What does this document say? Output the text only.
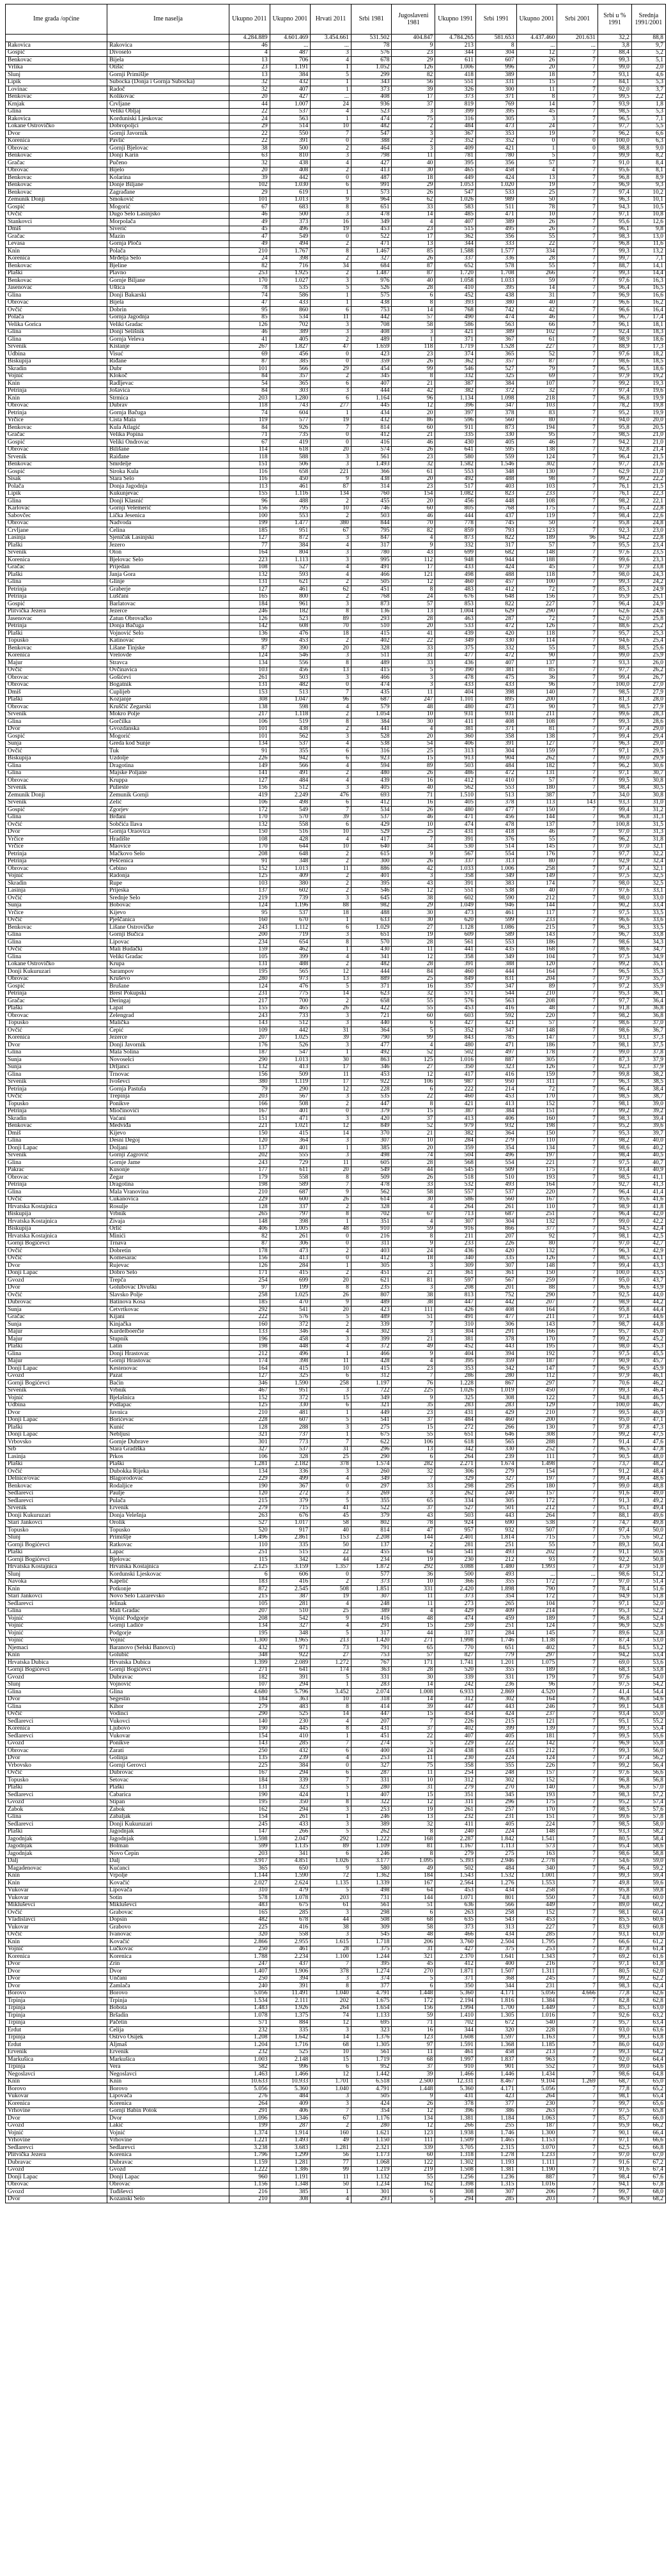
Ime grada /općine	Ime naselja	Ukupno 2011	Ukupno 2001	Hrvati 2011	Srbi 1981	Jugoslaveni 1981	Ukupno 1991	Srbi 1991	Ukupno 2001	Srbi 2001	Srbi u % 1991	Srednja 1991/2001
		4.284.889	4.601.469	3.454.661	531.502	404.847	4.784.265	581.653	4.437.460	201.631	32,2	88,8
Rakovica	Rakovica	46	...	...	78	9	213	8	...	...	3,8	9,7
Gospić	Divoselo	4	487	3	576	23	344	304	12	7	88,4	5,2
Benkovac	Bijela	13	706	4	678	29	611	607	26	7	99,3	5,1
Vrlika	Otišić	23	1.191	1	1.052	126	1.006	996	20	7	99,0	2,0
Slunj	Gornji Primišlje	13	384	5	299	82	418	389	18	7	93,1	4,6
Lipik	Subocka (Donja i Gornja Subocka)	32	432	1	343	56	551	331	15	7	84,1	5,3
Lovinac	Radoč	32	407	1	373	39	326	300	11	7	92,0	3,7
Benkovac	Kolikovac	20	427	...	408	17	373	371	8	7	99,5	2,2
Krnjak	Crvljane	44	1.007	24	936	37	819	769	14	7	93,9	1,8
Glina	Veliki Obljaj	22	537	4	523	3	399	395	45	7	98,5	5,3
Rakovica	Korduniski Ljeskovac	24	563	1	474	75	316	305	3	7	96,5	7,1
Lokane Ostrovičko	Dobropoljci	29	514	10	482	2	484	473	24	7	97,7	5,5
Dvor	Gornji Javornik	22	550	7	547	3	367	353	19	7	96,2	6,6
Korenica	Pavlić	22	391	0	388	2	352	352	0	0	100,0	6,3
Obrovac	Gornji Bjelovac	38	500	2	464	3	409	421	1	0	98,8	9,0
Benkovac	Donji Karin	63	810	3	798	11	781	780	5	7	99,9	8,2
Gračac	Pučeno	32	438	4	427	40	395	356	57	7	91,0	8,4
Obrovac	Bijelo	20	408	2	413	30	465	458	4	7	95,6	8,1
Benkovac	Kolarina	39	442	0	487	18	449	424	13	7	96,8	8,9
Benkovac	Donje Biljane	102	1.030	6	991	29	1.053	1.020	19	7	96,9	9,3
Benkovac	Zagrađane	29	619	1	573	26	547	533	25	7	97,4	10,2
Zemunik Donji	Smoković	101	1.013	9	964	62	1.026	989	50	7	96,3	10,1
Gospić	Mogorić	67	683	8	651	33	583	511	78	7	94,3	10,5
Ovčić	Dugo Selo Lasinjsko	46	500	3	478	14	485	471	10	7	97,1	10,8
Stankovci	Morpolača	49	373	16	349	4	407	389	26	7	95,6	12,6
Dmiš	Siverić	45	496	19	453	23	515	495	26	7	96,1	9,8
Gračac	Mazin	47	549	0	522	17	362	356	55	7	98,3	13,0
Levasa	Gornja Pločа	49	494	2	471	13	344	333	22	7	96,8	11,6
Knin	Polača	210	1.767	8	1.467	85	1.588	1.577	334	7	99,3	13,2
Korenica	Mrđelja Selo	24	398	2	327	26	337	336	28	7	99,7	7,1
Benkovac	Bjeline	82	716	34	684	87	652	578	55	7	88,7	14,1
Plaški	Plavno	253	1.925	2	1.487	87	1.720	1.708	266	7	99,3	14,4
Benkovac	Gornje Biljane	170	1.027	3	976	40	1.058	1.033	59	7	97,6	16,3
Jasenovac	Uštica	78	535	5	526	28	410	395	14	7	96,4	16,5
Glina	Donji Bakarski	74	586	1	575	6	452	438	31	7	96,9	16,6
Obrovac	Bijela	47	433	1	438	8	393	380	40	7	96,6	16,2
Ovčić	Dobrin	95	860	6	753	14	768	742	42	7	96,6	16,4
Polača	Gornja Jagodnja	85	534	11	442	57	490	474	46	7	96,7	17,4
Velika Gorica	Veliki Gradac	126	702	3	708	58	586	563	66	7	96,1	18,1
Glina	Donji Selišnik	46	389	3	408	3	421	389	102	7	92,4	18,3
Glina	Gornja Veleva	41	405	2	489	1	371	367	61	7	98,9	18,6
Srvenik	Kistanje	267	1.827	47	1.659	118	1.719	1.528	227	7	88,9	17,3
Udbina	Visuć	69	456	0	423	23	374	365	52	7	97,6	18,2
Biskupija	Riđane	87	385	0	359	26	362	357	87	7	98,6	18,5
Skradin	Dubr	101	566	29	454	99	546	527	79	7	96,5	18,6
Vojnić	Klokoč	84	357	2	345	8	332	325	69	7	97,9	19,2
Knin	Radljevac	54	365	6	407	21	387	384	107	7	99,2	19,3
Petrinja	Jošavica	84	303	3	444	42	382	372	32	7	97,4	19,6
Knin	Strmica	203	1.280	6	1.164	96	1.134	1.098	218	7	96,8	19,9
Obrovac	Dubrav	118	743	277	445	12	396	347	103	7	78,2	19,8
Petrinja	Gornja Bačuga	74	604	1	434	20	397	378	83	7	95,2	19,9
Vrčice	Čista Mala	119	577	19	432	86	596	560	80	7	94,0	20,0
Benkovac	Kula Atlagić	84	926	7	814	60	911	873	194	7	95,8	20,5
Gračac	Velika Popina	71	735	0	412	21	335	330	95	7	98,5	21,0
Gospić	Veliki Ondrovac	67	419	0	416	46	430	405	46	7	94,2	21,0
Obrovac	Bilišane	114	618	20	574	26	641	595	138	7	92,8	21,4
Srvenik	Raiđane	118	588	3	561	23	580	559	124	7	96,4	21,5
Benkovac	Smrdelje	151	506	3	1.493	32	1.582	1.546	302	7	97,7	21,6
Gospić	Široka Kula	116	658	221	366	61	553	348	130	7	62,9	21,0
Sisak	Stara Selo	116	450	9	438	20	492	488	98	7	99,2	22,2
Polača	Donja Jagodnja	113	461	87	314	23	517	403	103	7	76,1	21,5
Lipik	Kukunjevac	155	1.116	134	760	154	1.082	823	233	7	76,1	22,3
Glina	Donji Klasnić	96	488	2	455	20	456	448	108	7	98,2	22,1
Karlovac	Gornji Velemerić	156	795	10	746	60	805	768	175	7	95,4	22,8
Sabovčec	Lička Jesenica	100	553	2	503	46	444	437	119	7	98,4	22,6
Obrovac	Nadvoda	199	1.477	380	844	70	778	745	50	7	95,8	24,8
Crvljane	Čelina	185	951	67	795	82	859	793	123	7	92,3	23,0
Lasinja	Sjeničak Lasinjski	127	872	3	847	4	873	822	189	96	94,2	22,8
Plaški	Jezero	77	384	4	317	9	332	317	57	7	95,5	23,4
Srvenik	Oton	164	804	3	780	43	699	682	148	7	97,6	23,5
Korenica	Bjelovac Selo	223	1.113	3	995	112	948	944	188	7	99,6	23,3
Gračac	Prijedan	108	527	4	491	17	433	424	45	7	97,9	23,8
Plaški	Janja Gora	132	593	4	466	121	498	488	118	7	98,0	24,3
Glina	Glinje	131	621	2	505	12	460	457	100	7	99,3	24,2
Petrinja	Graberje	127	461	62	451	8	483	412	72	7	85,3	24,9
Petrinja	Luščani	165	800	2	768	24	676	648	156	7	95,9	25,1
Gospić	Barlatovac	184	961	3	873	57	853	822	227	7	96,4	24,9
Plitvička Jezera	Jezerce	246	182	8	136	13	1.004	629	290	7	62,6	24,6
Jasenovac	Zatun Obrovačko	126	523	89	293	28	463	287	72	7	62,0	25,8
Petrinja	Donja Bačuga	142	608	70	510	20	533	472	126	7	88,6	25,2
Plaški	Vojnović Selo	136	476	18	415	41	439	420	118	7	95,7	25,3
Topusko	Katinovac	99	453	2	402	22	349	330	114	7	94,6	25,4
Benkovac	Lišane Tinjske	87	390	20	328	33	375	332	55	7	88,5	25,6
Korenica	Vrelovde	124	546	3	511	31	477	472	90	7	99,0	25,9
Majur	Stravca	134	556	8	489	33	436	407	137	7	93,3	26,0
Ovčić	Ovčinavica	103	456	13	415	5	390	381	85	7	97,7	26,2
Obrovac	Gošićevi	261	503	3	466	3	478	475	36	7	99,4	26,7
Obrovac	Bogatnik	131	482	0	474	3	433	433	96	7	100,0	27,0
Dmiš	Cuplijeb	153	513	7	435	11	404	398	140	7	98,5	27,9
Plaški	Kozjanje	308	1.047	96	687	247	1.101	895	200	7	81,3	28,0
Obrovac	Kruščić Žegarski	138	598	4	579	48	480	473	90	7	98,5	27,9
Srvenik	Mokro Polje	217	1.118	2	1.054	10	931	931	211	7	99,6	28,3
Glina	Gorčilka	106	519	8	384	30	411	408	108	7	99,3	28,6
Dvor	Gvozdanska	101	438	2	441	4	381	371	81	7	97,4	29,0
Gospić	Mogorić	101	562	3	528	20	360	358	138	7	99,4	29,4
Sunja	Greda kod Sunje	134	537	4	538	54	406	391	127	7	96,3	29,0
Ovčić	Tuk	91	355	6	316	25	313	304	159	7	97,1	29,5
Biskupija	Uzdolje	226	942	6	923	15	913	904	262	7	99,0	29,9
Glina	Dragotina	149	566	4	594	89	503	484	182	7	96,2	30,6
Glina	Majske Poljane	141	491	2	480	26	486	472	131	7	97,1	30,7
Obrovac	Kruppa	127	484	4	439	16	412	410	57	7	99,5	30,8
Srvenik	Pulieste	156	512	3	405	40	562	553	180	7	98,4	30,5
Zemunik Donji	Zemunik Gornji	419	2.249	476	693	71	1.510	513	387	7	34,0	30,8
Srvenik	Zelić	106	498	6	412	16	405	378	113	143	93,3	31,0
Gospić	Zgorjev	172	549	7	534	26	480	477	150	7	99,4	31,2
Glina	Brđani	170	570	39	537	46	471	456	144	7	96,8	31,3
Ovčić	Sobčića Ilava	132	558	6	429	10	474	478	137	7	100,8	31,5
Dvor	Gornja Oraovica	150	516	10	529	25	431	418	46	7	97,0	31,3
Vrčice	Hradište	108	428	4	417	7	391	376	55	7	96,2	31,8
Vrčice	Maovice	170	644	10	640	34	530	514	145	7	97,0	32,1
Petrinja	Mačkovo Selo	208	648	2	615	9	567	554	176	7	97,7	32,2
Petrinja	Pešćenica	91	348	2	300	26	337	313	80	7	92,9	32,4
Obrovac	Čebino	152	1.013	11	886	42	1.033	1.006	258	7	97,4	32,1
Vojnić	Radonja	125	409	2	401	3	358	349	149	7	97,5	32,5
Skradin	Rupe	103	380	2	395	43	391	383	174	7	98,0	32,5
Lasinja	Prijeska	137	602	2	546	12	551	538	40	7	97,6	33,1
Ovčić	Srednje Selo	219	739	3	645	38	602	590	212	7	98,0	33,0
Sunja	Bobovac	124	1.196	88	982	29	1.049	946	144	7	90,2	33,4
Vrčice	Kijevo	95	537	18	488	30	473	461	117	7	97,5	33,5
Ovčić	Pješčanica	160	670	1	633	30	620	599	233	7	96,6	33,6
Benkovac	Lišane Ostrovičke	243	1.112	6	1.029	27	1.128	1.086	215	7	96,3	33,5
Glina	Gornji Bučica	200	719	3	651	19	609	589	143	7	96,7	33,8
Glina	Lipovac	234	654	8	570	28	561	553	186	7	98,6	34,3
Ovčić	Mali Budački	159	462	1	430	11	441	435	168	7	98,6	34,7
Glina	Veliki Gradac	105	399	4	341	12	358	349	104	7	97,5	34,9
Lokane Ostrovičko	Krupa	131	488	2	482	28	391	388	120	7	99,2	35,1
Donji Kukuruzari	Šarampov	195	565	12	444	84	460	444	164	7	96,5	35,3
Obrovac	Kruševo	280	973	13	889	25	849	831	204	7	97,9	35,7
Gospić	Brušane	124	476	5	371	16	357	347	89	7	97,2	35,9
Petrinja	Brest Pokupski	231	775	14	623	32	571	544	210	7	95,3	36,1
Gračac	Deringaj	217	700	2	658	55	576	563	208	7	97,7	36,4
Plaški	Lapat	155	465	26	422	55	453	416	48	7	91,8	36,8
Obrovac	Zelengrad	243	733	3	721	60	603	592	220	7	98,2	36,8
Topusko	Malička	143	512	3	440	6	427	421	57	7	98,6	37,0
Ovčić	Čepić	109	442	31	364	5	352	347	148	7	98,6	36,7
Korenica	Jezerce	207	1.025	39	790	99	843	785	147	7	93,1	37,3
Dvor	Donji Javornik	176	526	3	477	4	480	471	186	7	98,1	37,5
Glina	Mala Solina	187	547	1	492	52	502	497	178	7	99,0	37,8
Sunja	Novoselci	290	1.013	30	863	125	1.016	887	305	7	87,3	37,9
Sunja	Drljanci	132	413	17	346	27	350	323	126	7	92,3	37,9
Glina	Trnovac	156	509	11	453	12	417	416	159	7	99,8	38,2
Srvenik	Ivoševci	380	1.119	17	922	106	987	950	311	7	96,3	38,5
Petrinja	Gornja Pastuša	79	290	12	228	6	222	214	72	7	96,4	38,4
Ovčić	Trepinja	203	567	3	535	22	460	453	170	7	98,5	38,7
Topusko	Ponikve	166	508	2	447	8	421	413	152	7	98,1	39,0
Petrinja	Miočinovići	167	401	0	379	15	387	384	151	7	99,2	39,2
Skradin	Vaćani	151	471	3	420	37	413	406	160	7	98,3	39,4
Benkovac	Medviđa	221	1.021	12	849	52	979	932	198	7	95,2	39,6
Dmiš	Kijevo	150	415	14	370	21	382	364	150	7	95,3	39,7
Glina	Desni Degoj	120	364	3	307	10	284	279	110	7	98,2	40,0
Donji Lapac	Doljani	137	401	1	385	20	359	354	134	7	98,6	40,2
Srvenik	Gornji Žagrović	202	555	3	498	74	504	496	197	7	98,4	40,5
Glina	Gornje Jame	243	729	11	605	28	568	554	221	7	97,5	40,7
Pakrac	Kusonje	177	611	20	549	44	545	509	175	7	93,4	40,9
Obrovac	Žegar	179	558	8	509	26	518	510	193	7	98,5	41,1
Petrinja	Dragotina	198	589	7	478	33	532	493	164	7	92,7	41,3
Glina	Mala Vranovina	210	687	9	562	58	557	537	220	7	96,4	41,4
Ovčić	Ćukanovica	229	600	26	614	30	586	560	167	7	95,6	41,6
Hrvatska Kostajnica	Rosulje	128	337	2	328	4	264	261	110	7	98,9	41,8
Biskupija	Vrbnik	265	797	8	702	67	713	687	251	7	96,4	42,0
Hrvatska Kostajnica	Živaja	148	398	1	351	4	307	304	132	7	99,0	42,2
Biskupija	Orlić	406	1.005	48	910	59	916	866	377	7	94,5	42,4
Hrvatska Kostajnica	Minići	82	261	0	216	8	211	207	92	7	98,1	42,5
Gornji Bogićevci	Trnava	87	306	0	311	9	233	226	80	7	97,0	42,7
Ovčić	Dobretin	178	473	2	403	24	436	420	132	7	96,3	42,9
Ovčić	Komesarac	156	413	0	412	18	340	335	126	7	98,5	43,1
Dvor	Rujevac	126	284	1	305	3	309	307	148	7	99,4	43,3
Donji Lapac	Dobro Selo	171	415	2	451	21	361	361	150	7	100,0	43,5
Gvozd	Trepča	254	699	20	621	81	597	567	259	7	95,0	43,7
Dvor	Golubovac Divuški	97	199	8	235	3	208	201	88	7	96,6	43,9
Ovčić	Slavsko Polje	258	1.025	26	807	38	813	752	290	7	92,5	44,0
Dubrovac	Batinova Kosa	185	470	9	489	38	447	442	207	7	98,9	44,2
Sunja	Četvrtkovac	292	541	20	423	111	426	408	164	7	95,8	44,4
Gračac	Kijani	222	576	5	489	51	491	477	211	7	97,1	44,6
Sunja	Kinjačka	160	372	2	339	7	310	306	143	7	98,7	44,8
Majur	Kurdelboerčie	133	346	4	302	3	304	291	166	7	95,7	45,0
Majur	Stupnik	196	458	3	399	21	381	378	170	7	99,2	45,2
Plaški	Latin	198	448	4	372	49	452	443	195	7	98,0	45,3
Glina	Donji Hrastovac	212	496	1	466	9	404	394	192	7	97,5	45,5
Majur	Gornji Hrastovac	174	398	11	428	4	395	359	187	7	90,9	45,7
Donji Lapac	Kestenovac	164	415	10	415	23	353	342	147	7	96,9	45,9
Gvozd	Pazat	127	325	6	312	7	286	280	112	7	97,9	46,1
Gornji Bogićevci	Baćin	346	1.590	258	1.197	76	1.228	867	297	7	70,6	46,2
Srvenik	Vrbnik	467	951	3	722	225	1.026	1.019	450	7	99,3	46,4
Vojnić	Bjelašnica	152	372	15	349	9	325	308	122	7	94,8	46,5
Udbina	Podlapac	125	330	6	321	35	283	283	129	7	100,0	46,7
Dvor	Javnica	210	481	1	449	23	431	429	210	7	99,5	46,9
Donji Lapac	Borićevac	228	607	5	541	37	484	460	200	7	95,0	47,1
Plaški	Kunić	128	288	3	275	15	272	266	130	7	97,8	47,3
Donji Lapac	Nebljusi	321	737	1	675	55	651	646	308	7	99,2	47,5
Vrbovsko	Gornje Dubrave	301	773	7	622	106	618	565	288	7	91,4	47,6
Srb	Stara Gradiška	327	537	31	296	13	342	330	252	7	96,5	47,8
Lasinja	Prkos	106	328	25	290	6	264	239	111	7	90,5	48,0
Plaški	Plaški	1.281	2.182	378	1.574	282	2.271	1.674	1.498	7	73,7	48,2
Ovčić	Dubokka Rijeka	134	336	3	260	32	306	279	154	7	91,2	48,4
Delnice/ovac	Blagorodovac	229	499	4	349	7	329	327	197	7	99,4	48,6
Benkovac	Rodaljice	190	367	0	297	33	298	295	180	7	99,0	48,8
Sedlarevci	Paulje	120	272	3	269	3	262	240	157	7	91,6	49,0
Sedlarevci	Pulača	215	379	5	355	65	334	305	172	7	91,3	49,2
Srvenik	Ervenik	279	715	41	522	37	527	501	212	7	95,1	49,4
Donji Kukuruzari	Donja Velešnja	263	676	45	379	43	503	443	264	7	88,1	49,6
Stari Jankovci	Orolik	527	1.017	58	802	78	924	690	538	7	74,7	49,8
Topusko	Topusko	520	917	40	814	47	957	932	507	7	97,4	50,0
Slunj	Primišlje	1.496	2.861	153	2.208	144	2.401	1.814	715	7	75,6	50,2
Gornji Bogićevci	Ratkovac	110	335	50	137	2	281	251	55	7	89,3	50,4
Plaški	Lapac	251	515	22	455	64	541	493	202	7	91,1	50,6
Gornji Bogićevci	Bjelovac	115	342	44	234	19	230	212	93	7	92,2	50,8
Hrvatska Kostajnica	Hrvatska Kostajnica	2.125	3.159	1.357	1.872	292	3.088	1.480	1.993	7	47,9	51,0
Slunj	Kordunski Ljeskovac	6	606	0	577	36	500	493	...	...	98,6	51,2
Navoka	Kapelić	183	416	2	373	10	366	355	172	7	97,0	51,4
Knin	Potkonje	872	2.545	508	1.851	331	2.420	1.898	790	7	78,4	51,6
Stari Jankovci	Novo Selo Lazarevsko	215	387	19	307	11	373	354	172	7	94,9	51,8
Sedlarevci	Jelinak	105	281	4	248	11	273	265	104	7	97,1	52,0
Glina	Mali Gradac	207	510	25	389	4	429	409	214	7	95,3	52,2
Vojnić	Vojnić Podgorje	208	542	9	416	48	474	459	189	7	96,8	52,4
Vojnić	Gornji Ladiće	134	327	4	291	15	259	251	124	7	96,9	52,6
Vojnić	Podgorje	195	348	5	317	44	317	284	145	7	89,6	52,8
Vojnić	Vojnić	1.300	1.965	213	1.420	271	1.998	1.746	1.138	7	87,4	53,0
Njemaci	Baranovo (Selski Banovci)	432	971	73	791	65	770	651	402	7	84,5	53,2
Knin	Golubić	348	922	27	753	57	827	779	297	7	94,2	53,4
Hrvatska Dubica	Hrvatska Dubica	1.399	2.089	1.272	767	171	1.741	1.201	1.075	7	69,0	53,6
Gornji Bogićevci	Gornji Bogićevci	271	641	174	363	28	520	355	189	7	68,3	53,8
Gvozd	Dubravac	182	391	5	331	30	339	331	179	7	97,6	54,0
Slunj	Vojnović	107	294	1	283	14	242	236	96	7	97,5	54,2
Glina	Glina	4.680	5.796	3.452	2.074	1.008	6.933	2.869	4.520	7	41,4	54,4
Dvor	Šegestin	184	363	10	318	14	312	302	164	7	96,8	54,6
Glina	Kihor	279	483	8	414	39	447	443	246	7	99,1	54,8
Ovčić	Vodinci	290	525	14	447	15	454	424	237	7	93,4	55,0
Sedlarevci	Vukovci	140	230	4	207	7	226	215	121	7	95,1	55,2
Korenica	Ljubovo	190	445	8	431	37	402	399	139	7	99,3	55,4
Sedlarevci	Vukovar	154	410	1	451	22	407	405	181	7	99,5	55,6
Gvozd	Ponikve	143	285	7	274	5	229	222	142	7	96,9	55,8
Obrovac	Žarati	250	432	6	400	24	438	435	212	7	99,3	56,0
Dvor	Golinja	135	239	4	253	11	230	224	124	7	97,4	56,2
Vrbovsko	Gornji Gerovci	225	384	0	327	75	358	355	226	7	99,2	56,4
Ovčić	Dubrovac	167	294	6	287	11	254	248	157	7	97,6	56,6
Topusko	Šetovac	184	339	7	331	10	312	302	152	7	96,8	56,8
Plaški	Plaški	131	323	5	280	31	279	270	140	7	96,8	57,0
Sedlarevci	Čabarica	190	424	1	407	15	351	345	193	7	98,3	57,2
Gvozd	Stipan	195	350	8	322	12	311	296	175	7	95,2	57,4
Zabok	Zabok	162	294	3	253	19	261	257	170	7	98,5	57,6
Glina	Zabaljak	154	261	1	246	13	232	231	151	7	99,6	57,8
Sedlarevci	Donji Kukuruzari	245	433	3	389	32	411	405	224	7	98,5	58,0
Plaški	Jagodnjak	147	266	5	262	8	240	224	148	7	93,3	58,2
Jagodnjak	Jagodnjak	1.598	2.047	292	1.222	168	2.287	1.842	1.541	7	80,5	58,4
Jagodnjak	Bolman	599	1.135	89	1.109	81	1.167	1.113	573	7	95,4	58,6
Jagodnjak	Novo Čepin	203	341	6	246	8	279	275	163	7	98,6	58,8
Dalj	Dalj	3.917	4.851	1.026	3.177	1.095	5.393	2.946	2.778	7	54,6	59,0
Magadenovac	Kućanci	365	650	9	580	49	502	484	340	7	96,4	59,2
Knin	Vrpolje	1.144	1.590	72	1.362	184	1.543	1.532	1.001	7	99,3	59,4
Knin	Kovačić	2.027	2.624	1.135	1.339	167	2.564	1.276	1.553	7	49,8	59,6
Vukovar	Lipovača	310	479	5	498	64	453	434	258	7	95,8	59,8
Vukovar	Sotin	578	1.078	203	731	144	1.071	801	550	7	74,8	60,0
Mikluševci	Mikluševci	483	675	61	561	51	636	566	449	7	89,0	60,2
Ovčić	Grabovac	165	285	3	298	6	263	258	152	7	98,1	60,4
Vladislavci	Dopsin	482	678	44	508	68	635	543	453	7	85,5	60,6
Vukovar	Grabovo	225	416	38	309	58	373	313	227	7	83,9	60,8
Ovčić	Ivanovac	320	558	3	545	48	466	434	285	7	93,1	61,0
Knin	Kovačić	2.866	2.955	1.615	1.718	206	3.760	2.504	1.795	7	66,6	61,2
Vojnić	Lučkovac	250	461	28	375	31	427	375	253	7	87,8	61,4
Korenica	Korenica	1.788	2.234	1.100	1.244	321	2.370	1.641	1.343	7	69,2	61,6
Dvor	Zrin	247	437	7	395	45	412	400	216	7	97,1	61,8
Dvor	Dvor	1.407	1.906	378	1.274	270	1.871	1.507	1.311	7	80,5	62,0
Dvor	Unčani	250	394	3	374	5	371	368	245	7	99,2	62,2
Dvor	Zamlača	240	391	8	377	6	350	344	231	7	98,3	62,4
Borovo	Borovo	5.056	11.491	1.040	4.791	1.448	5.360	4.171	5.056	4.666	77,8	62,6
Trpinja	Trpinja	1.534	2.111	202	1.675	172	2.194	1.816	1.384	7	82,8	62,8
Trpinja	Bobota	1.483	1.926	264	1.654	156	1.994	1.700	1.449	7	85,3	63,0
Trpinja	Bršadin	1.078	1.375	74	1.133	59	1.410	1.305	1.016	7	92,6	63,2
Trpinja	Pačetin	571	884	12	695	71	702	672	540	7	95,7	63,4
Erdut	Ćelija	232	335	3	323	16	344	320	228	7	93,0	63,6
Trpinja	Ostrvo Osijek	1.208	1.642	14	1.376	123	1.608	1.597	1.163	7	99,3	63,8
Erdut	Aljmaš	1.204	1.716	68	1.305	97	1.591	1.368	1.185	7	86,0	64,0
Ervenik	Ervenik	232	525	10	561	11	461	458	213	7	99,3	64,2
Markušica	Markušica	1.003	2.148	15	1.719	68	1.997	1.837	963	7	92,0	64,4
Trpinja	Vera	582	996	6	952	37	910	901	552	7	99,0	64,6
Negoslavci	Negoslavci	1.463	1.466	12	1.442	39	1.466	1.446	1.434	7	98,6	64,8
Knin	Knin	10.633	10.933	1.701	6.518	2.500	12.331	8.467	9.104	1.269	68,7	65,0
Borovo	Borovo	5.056	5.360	1.040	4.791	1.448	5.360	4.171	5.056	7	77,8	65,2
Vukovar	Lipovača	276	484	3	505	9	431	423	264	7	98,1	65,4
Korenica	Korenica	264	409	3	424	26	378	377	230	7	99,7	65,6
Vrhovine	Gornji Babin Potok	291	406	7	354	12	396	386	263	7	97,5	65,8
Dvor	Dvor	1.096	1.346	67	1.176	134	1.381	1.184	1.063	7	85,7	66,0
Gvozd	Lakić	199	287	2	280	12	266	255	187	7	95,9	66,2
Vojnić	Vojnić	1.374	1.914	160	1.621	123	1.938	1.746	1.300	7	90,1	66,4
Vrhovine	Vrhovine	1.221	1.493	49	1.150	111	1.509	1.465	1.153	7	97,1	66,6
Sedlarevci	Sedlarevci	3.238	3.683	1.281	2.321	339	3.705	2.315	3.070	7	62,5	66,8
Plitvička Jezera	Korenica	1.796	1.299	56	1.173	60	1.318	1.278	1.233	7	97,0	67,0
Dubravac	Dubravac	1.159	1.281	77	1.068	122	1.302	1.193	1.111	7	91,6	67,2
Gvozd	Gvozd	1.222	1.386	99	1.219	219	1.508	1.381	1.190	7	91,6	67,4
Donji Lapac	Donji Lapac	960	1.191	11	1.132	55	1.256	1.236	887	7	98,4	67,6
Obrovac	Obrovac	1.156	1.348	50	1.234	162	1.398	1.315	1.016	7	94,1	67,8
Gvozd	Tuđiševci	216	385	1	301	6	308	307	206	7	99,7	68,0
Dvor	Kozanski Selo	210	308	4	293	5	294	285	203	7	96,9	68,2
